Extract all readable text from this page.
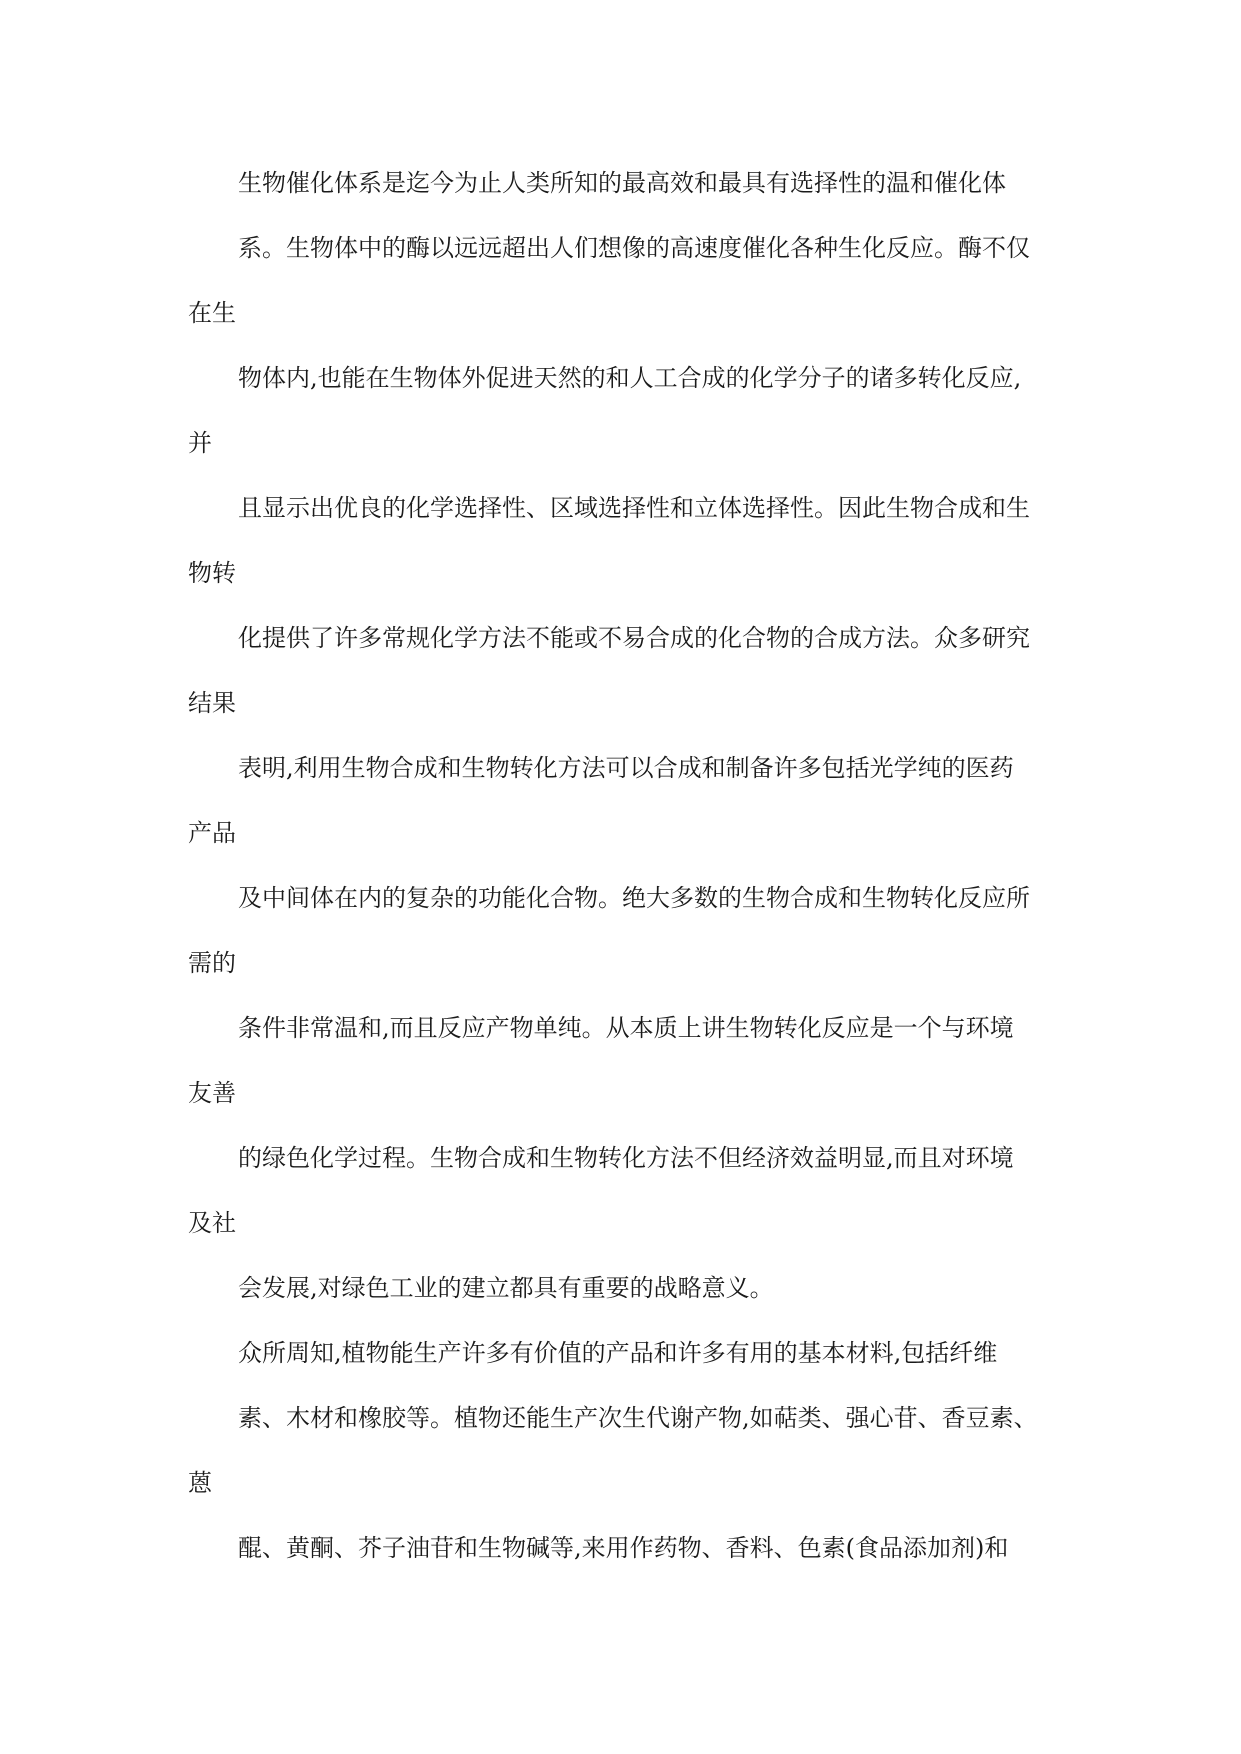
生物催化体系是迄今为止人类所知的最高效和最具有选择性的温和催化体

系。生物体中的酶以远远超出人们想像的高速度催化各种生化反应。酶不仅

在生

物体内,也能在生物体外促进天然的和人工合成的化学分子的诸多转化反应,

并

且显示出优良的化学选择性、区域选择性和立体选择性。因此生物合成和生

物转

化提供了许多常规化学方法不能或不易合成的化合物的合成方法。众多研究

结果

表明,利用生物合成和生物转化方法可以合成和制备许多包括光学纯的医药

产品

及中间体在内的复杂的功能化合物。绝大多数的生物合成和生物转化反应所

需的

条件非常温和,而且反应产物单纯。从本质上讲生物转化反应是一个与环境

友善

的绿色化学过程。生物合成和生物转化方法不但经济效益明显,而且对环境

及社

会发展,对绿色工业的建立都具有重要的战略意义。

众所周知,植物能生产许多有价值的产品和许多有用的基本材料,包括纤维

素、木材和橡胶等。植物还能生产次生代谢产物,如萜类、强心苷、香豆素、

蒽

醌、黄酮、芥子油苷和生物碱等,来用作药物、香料、色素(食品添加剂)和
